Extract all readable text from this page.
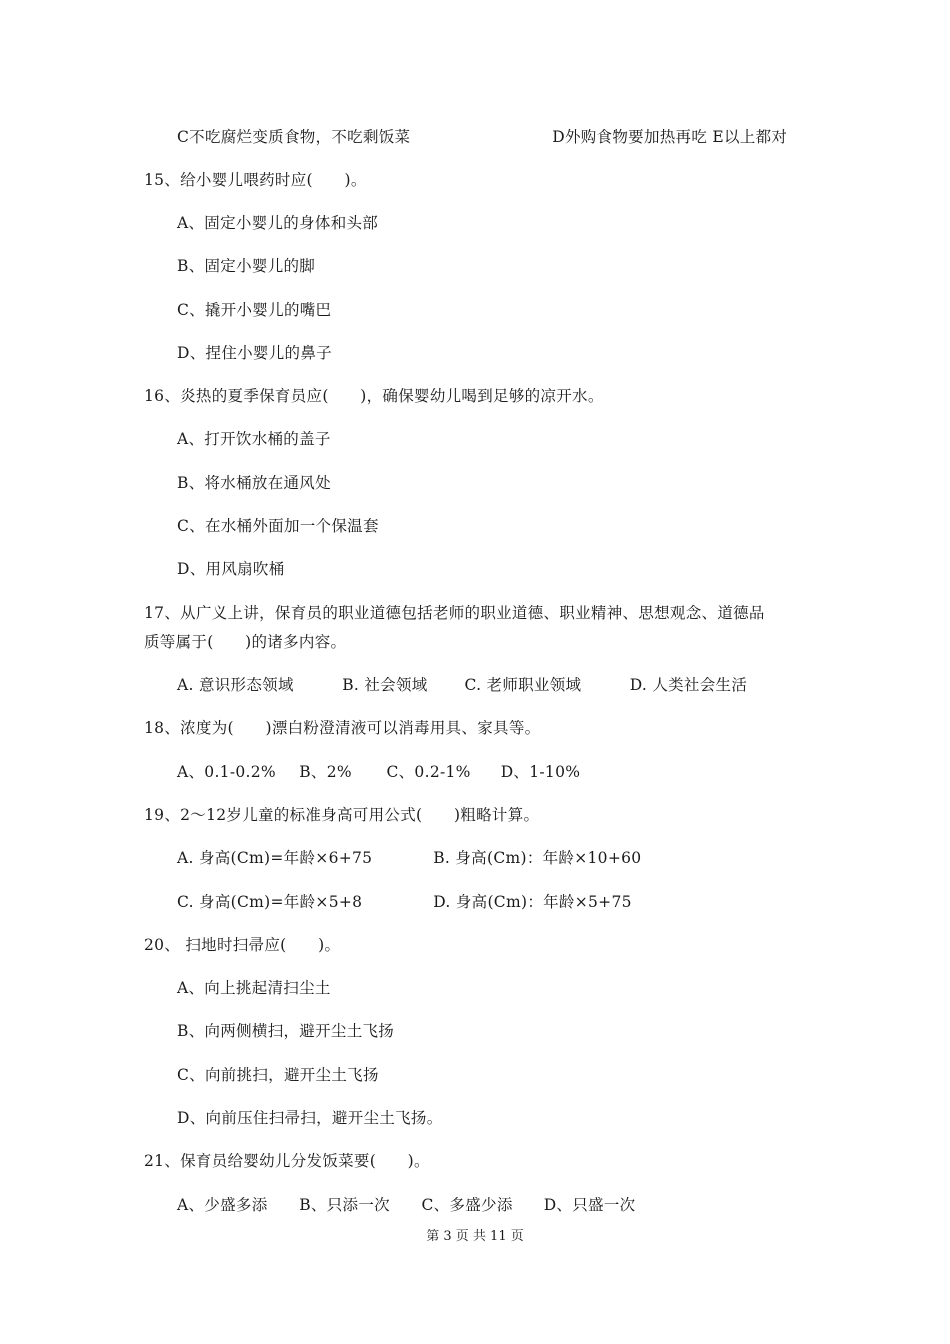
C不吃腐烂变质食物，不吃剩饭菜	D外购食物要加热再吃 E以上都对
15、给小婴儿喂药时应(　　)。
A、固定小婴儿的身体和头部
B、固定小婴儿的脚
C、撬开小婴儿的嘴巴
D、捏住小婴儿的鼻子
16、炎热的夏季保育员应(　　)，确保婴幼儿喝到足够的凉开水。
A、打开饮水桶的盖子
B、将水桶放在通风处
C、在水桶外面加一个保温套
D、用风扇吹桶
17、从广义上讲，保育员的职业道德包括老师的职业道德、职业精神、思想观念、道德品
质等属于(　　)的诸多内容。
A. 意识形态领域	B. 社会领域 C. 老师职业领域	D. 人类社会生活
18、浓度为(　　)漂白粉澄清液可以消毒用具、家具等。
A、0.1-0.2% B、2% C、0.2-1% D、1-10%
19、2～12岁儿童的标准身高可用公式(　　)粗略计算。
A. 身高(Cm)=年龄×6+75	B. 身高(Cm)：年龄×10+60
C. 身高(Cm)=年龄×5+8	D. 身高(Cm)：年龄×5+75
20、 扫地时扫帚应(　　)。
A、向上挑起清扫尘土
B、向两侧横扫，避开尘土飞扬
C、向前挑扫，避开尘土飞扬
D、向前压住扫帚扫，避开尘土飞扬。
21、保育员给婴幼儿分发饭菜要(　　)。
A、少盛多添 B、只添一次 C、多盛少添 D、只盛一次
第 3 页 共 11 页
